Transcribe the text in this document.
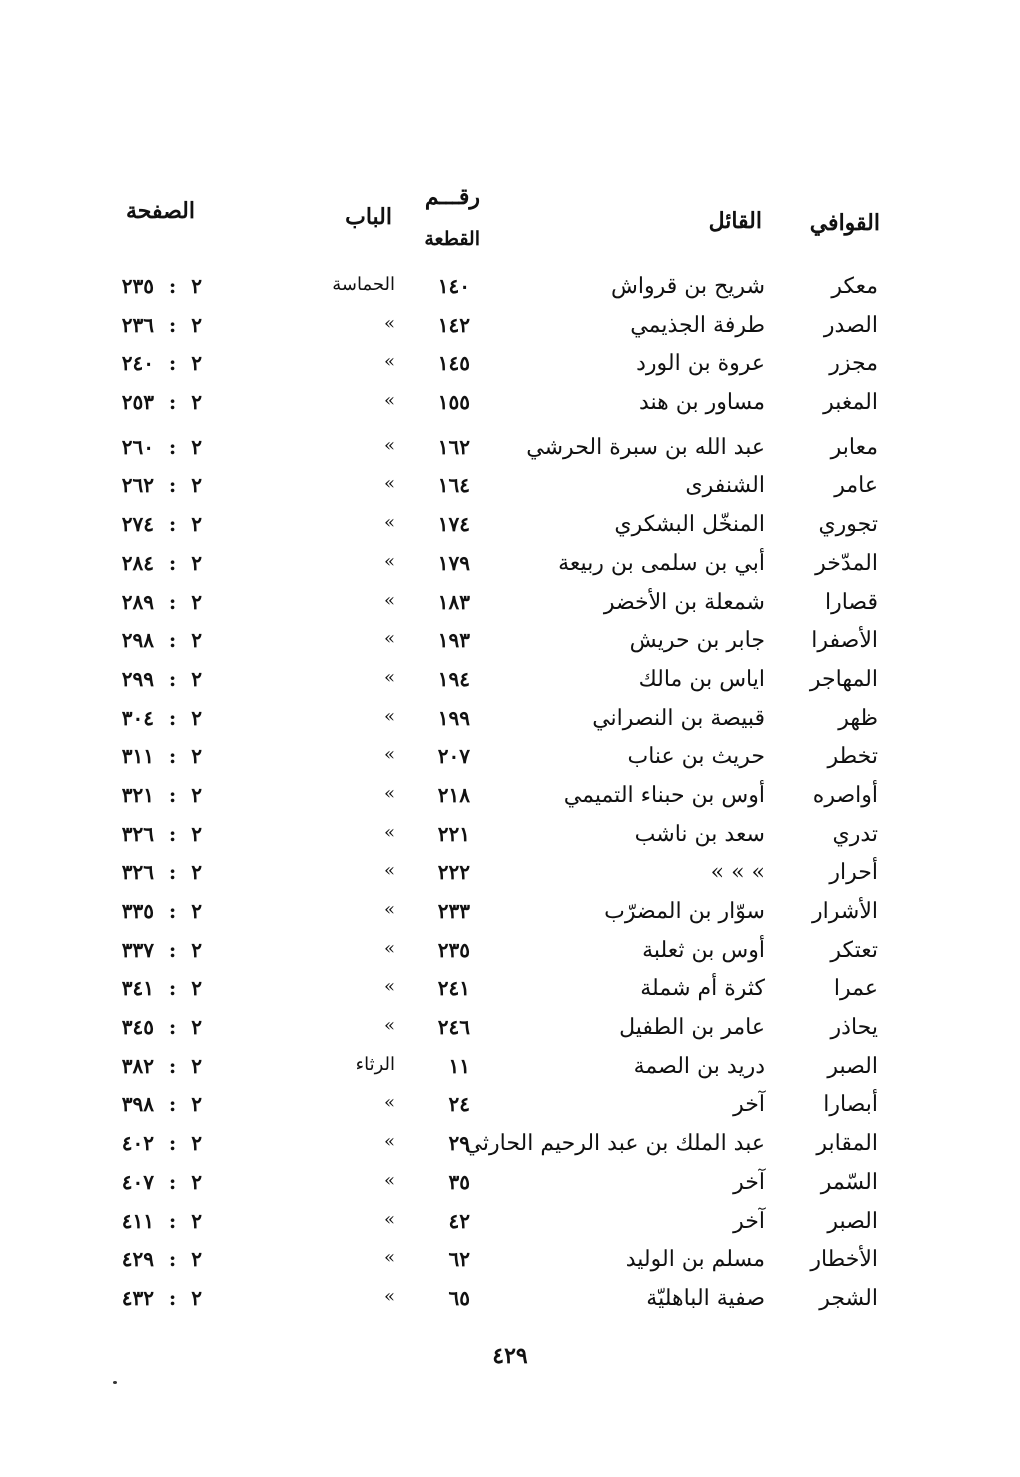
القوافي
القائل
رقـــم
القطعة
الباب
الصفحة
معكر
شريح بن قرواش
١٤٠
الحماسة
٢ : ٢٣٥
الصدر
طرفة الجذيمي
١٤٢
»
٢ : ٢٣٦
مجزر
عروة بن الورد
١٤٥
»
٢ : ٢٤٠
المغبر
مساور بن هند
١٥٥
»
٢ : ٢٥٣
معابر
عبد الله بن سبرة الحرشي
١٦٢
»
٢ : ٢٦٠
عامر
الشنفرى
١٦٤
»
٢ : ٢٦٢
تجوري
المنخّل البشكري
١٧٤
»
٢ : ٢٧٤
المدّخر
أبي بن سلمى بن ربيعة
١٧٩
»
٢ : ٢٨٤
قصارا
شمعلة بن الأخضر
١٨٣
»
٢ : ٢٨٩
الأصفرا
جابر بن حريش
١٩٣
»
٢ : ٢٩٨
المهاجر
اياس بن مالك
١٩٤
»
٢ : ٢٩٩
ظهر
قبيصة بن النصراني
١٩٩
»
٢ : ٣٠٤
تخطر
حريث بن عناب
٢٠٧
»
٢ : ٣١١
أواصره
أوس بن حبناء التميمي
٢١٨
»
٢ : ٣٢١
تدري
سعد بن ناشب
٢٢١
»
٢ : ٣٢٦
أحرار
» » »
٢٢٢
»
٢ : ٣٢٦
الأشرار
سوّار بن المضرّب
٢٣٣
»
٢ : ٣٣٥
تعتكر
أوس بن ثعلبة
٢٣٥
»
٢ : ٣٣٧
عمرا
كثرة أم شملة
٢٤١
»
٢ : ٣٤١
يحاذر
عامر بن الطفيل
٢٤٦
»
٢ : ٣٤٥
الصبر
دريد بن الصمة
١١
الرثاء
٢ : ٣٨٢
أبصارا
آخر
٢٤
»
٢ : ٣٩٨
المقابر
عبد الملك بن عبد الرحيم الحارثي
٢٩
»
٢ : ٤٠٢
السّمر
آخر
٣٥
»
٢ : ٤٠٧
الصبر
آخر
٤٢
»
٢ : ٤١١
الأخطار
مسلم بن الوليد
٦٢
»
٢ : ٤٢٩
الشجر
صفية الباهليّة
٦٥
»
٢ : ٤٣٢
٤٢٩
